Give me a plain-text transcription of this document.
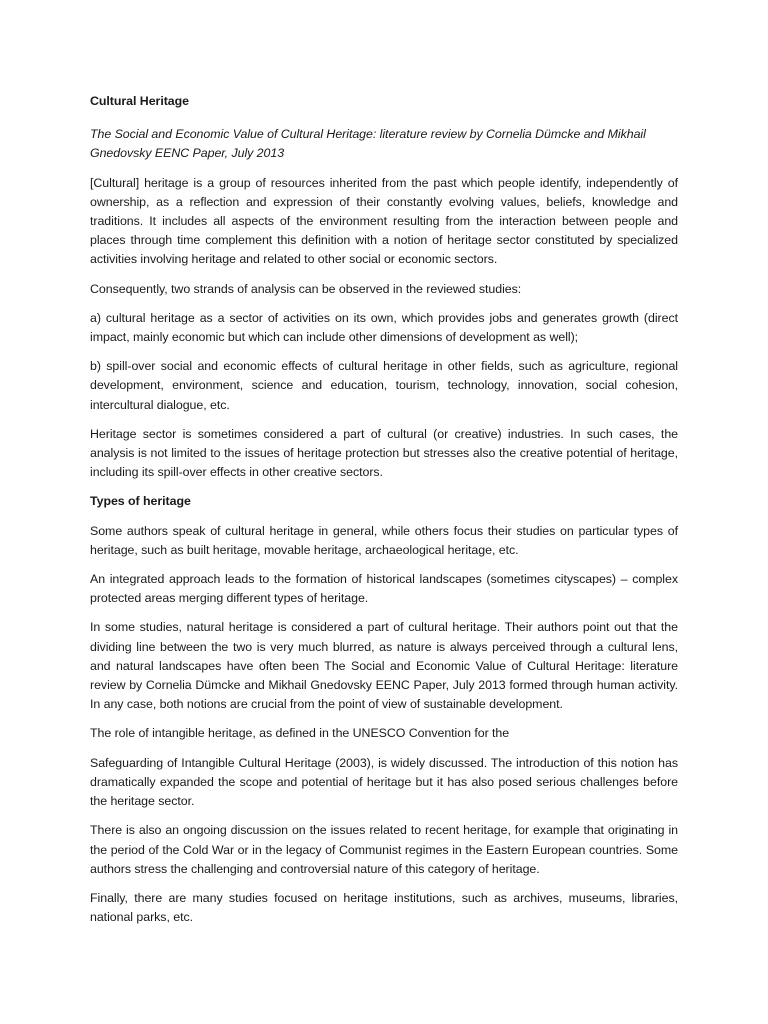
Cultural Heritage

The Social and Economic Value of Cultural Heritage: literature review by Cornelia Dümcke and Mikhail Gnedovsky EENC Paper, July 2013

[Cultural] heritage is a group of resources inherited from the past which people identify, independently of ownership, as a reflection and expression of their constantly evolving values, beliefs, knowledge and traditions. It includes all aspects of the environment resulting from the interaction between people and places through time complement this definition with a notion of heritage sector constituted by specialized activities involving heritage and related to other social or economic sectors.

Consequently, two strands of analysis can be observed in the reviewed studies:

a) cultural heritage as a sector of activities on its own, which provides jobs and generates growth (direct impact, mainly economic but which can include other dimensions of development as well);

b) spill-over social and economic effects of cultural heritage in other fields, such as agriculture, regional development, environment, science and education, tourism, technology, innovation, social cohesion, intercultural dialogue, etc.

Heritage sector is sometimes considered a part of cultural (or creative) industries. In such cases, the analysis is not limited to the issues of heritage protection but stresses also the creative potential of heritage, including its spill-over effects in other creative sectors.

Types of heritage

Some authors speak of cultural heritage in general, while others focus their studies on particular types of heritage, such as built heritage, movable heritage, archaeological heritage, etc.

An integrated approach leads to the formation of historical landscapes (sometimes cityscapes) – complex protected areas merging different types of heritage.

In some studies, natural heritage is considered a part of cultural heritage. Their authors point out that the dividing line between the two is very much blurred, as nature is always perceived through a cultural lens, and natural landscapes have often been The Social and Economic Value of Cultural Heritage: literature review by Cornelia Dümcke and Mikhail Gnedovsky EENC Paper, July 2013 formed through human activity. In any case, both notions are crucial from the point of view of sustainable development.

The role of intangible heritage, as defined in the UNESCO Convention for the

Safeguarding of Intangible Cultural Heritage (2003), is widely discussed. The introduction of this notion has dramatically expanded the scope and potential of heritage but it has also posed serious challenges before the heritage sector.

There is also an ongoing discussion on the issues related to recent heritage, for example that originating in the period of the Cold War or in the legacy of Communist regimes in the Eastern European countries. Some authors stress the challenging and controversial nature of this category of heritage.

Finally, there are many studies focused on heritage institutions, such as archives, museums, libraries, national parks, etc.
